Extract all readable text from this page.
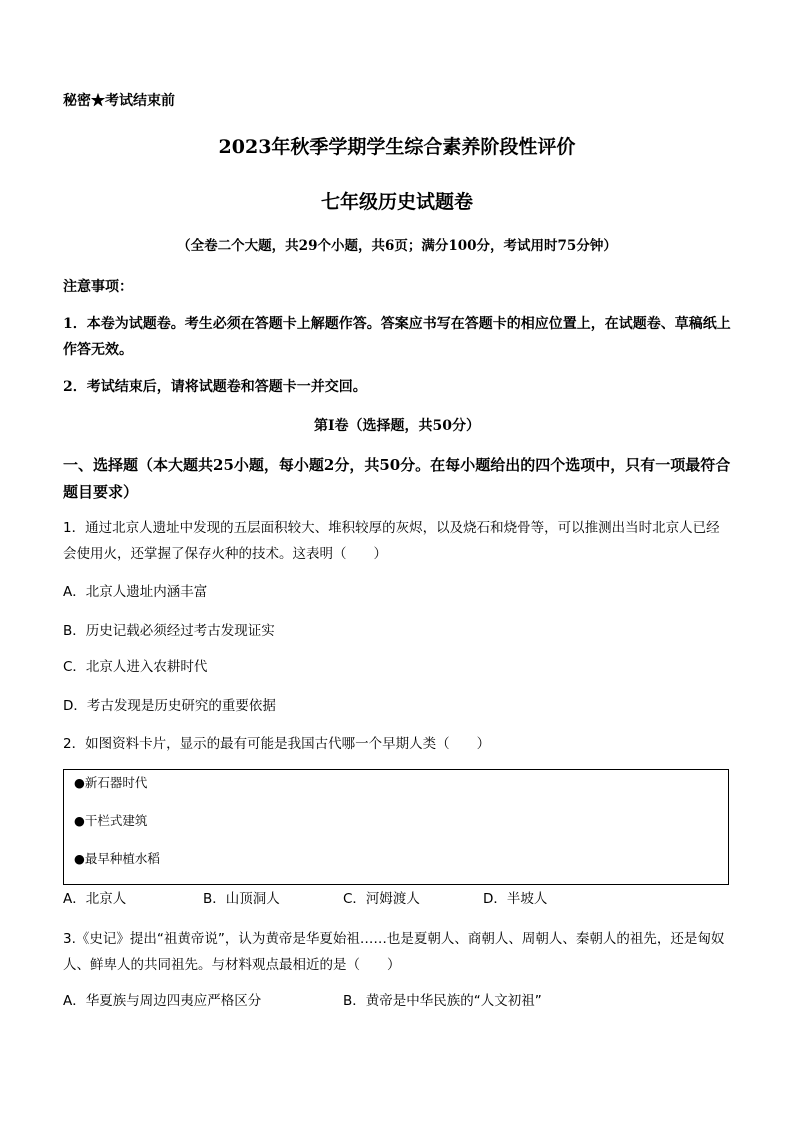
秘密★考试结束前
2023年秋季学期学生综合素养阶段性评价
七年级历史试题卷
（全卷二个大题，共29个小题，共6页；满分100分，考试用时75分钟）
注意事项：
1．本卷为试题卷。考生必须在答题卡上解题作答。答案应书写在答题卡的相应位置上，在试题卷、草稿纸上作答无效。
2．考试结束后，请将试题卷和答题卡一并交回。
第Ⅰ卷（选择题，共50分）
一、选择题（本大题共25小题，每小题2分，共50分。在每小题给出的四个选项中，只有一项最符合题目要求）
1．通过北京人遗址中发现的五层面积较大、堆积较厚的灰烬，以及烧石和烧骨等，可以推测出当时北京人已经会使用火，还掌握了保存火种的技术。这表明（　　）
A．北京人遗址内涵丰富
B．历史记载必须经过考古发现证实
C．北京人进入农耕时代
D．考古发现是历史研究的重要依据
2．如图资料卡片，显示的最有可能是我国古代哪一个早期人类（　　）
●新石器时代
●干栏式建筑
●最早种植水稻
A．北京人	B．山顶洞人	C．河姆渡人	D．半坡人
3.《史记》提出“祖黄帝说”，认为黄帝是华夏始祖……也是夏朝人、商朝人、周朝人、秦朝人的祖先，还是匈奴人、鲜卑人的共同祖先。与材料观点最相近的是（　　）
A．华夏族与周边四夷应严格区分	B．黄帝是中华民族的“人文初祖”
